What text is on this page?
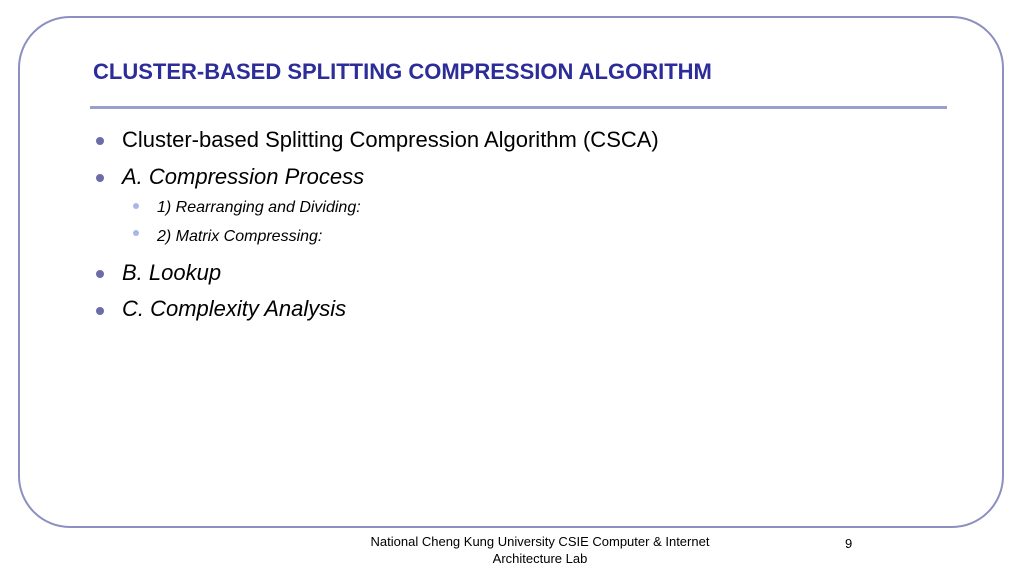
CLUSTER-BASED SPLITTING COMPRESSION ALGORITHM
Cluster-based Splitting Compression Algorithm (CSCA)
A. Compression Process
1) Rearranging and Dividing:
2) Matrix Compressing:
B. Lookup
C. Complexity Analysis
National Cheng Kung University CSIE Computer & Internet
Architecture Lab
9
